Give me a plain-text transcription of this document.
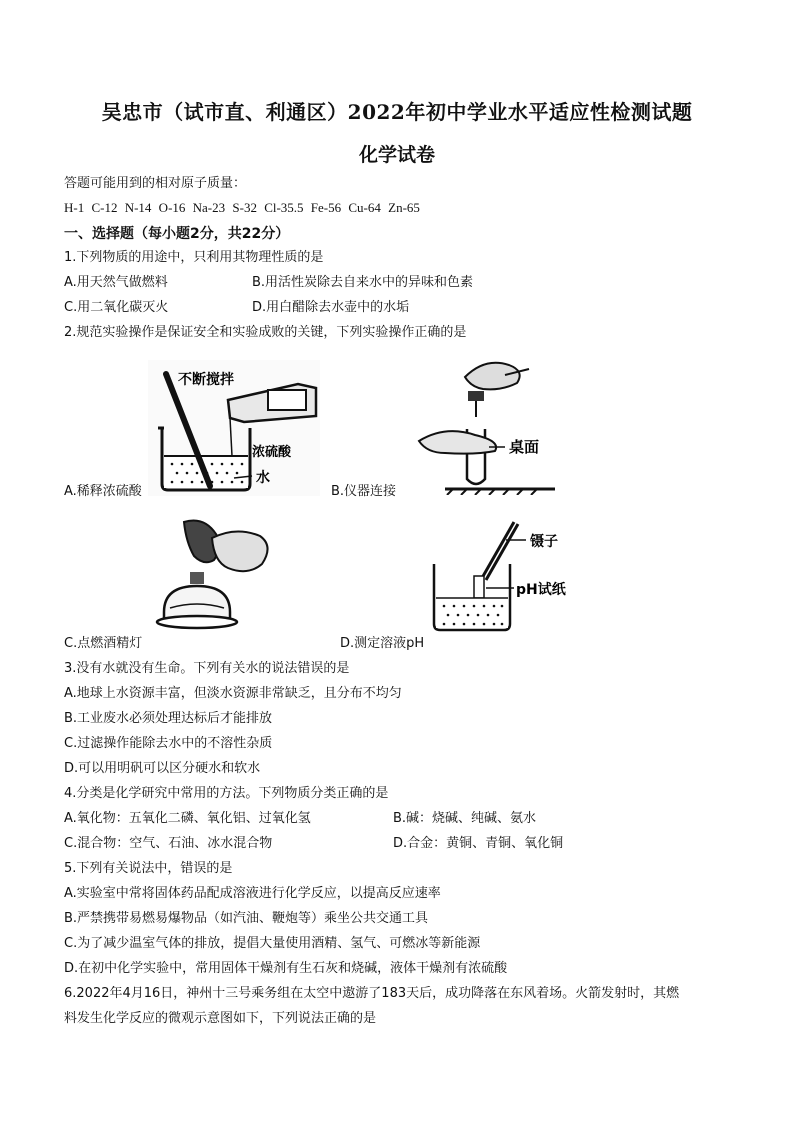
吴忠市（试市直、利通区）2022年初中学业水平适应性检测试题
化学试卷
答题可能用到的相对原子质量：
H-1 C-12 N-14 O-16 Na-23 S-32 Cl-35.5 Fe-56 Cu-64 Zn-65
一、选择题（每小题2分，共22分）
1.下列物质的用途中，只利用其物理性质的是
A.用天然气做燃料	B.用活性炭除去自来水中的异味和色素
C.用二氧化碳灭火	D.用白醋除去水壶中的水垢
2.规范实验操作是保证安全和实验成败的关键，下列实验操作正确的是
不断搅拌
浓硫酸
水
桌面
A.稀释浓硫酸	B.仪器连接
镊子
pH试纸
C.点燃酒精灯	D.测定溶液pH
3.没有水就没有生命。下列有关水的说法错误的是
A.地球上水资源丰富，但淡水资源非常缺乏，且分布不均匀
B.工业废水必须处理达标后才能排放
C.过滤操作能除去水中的不溶性杂质
D.可以用明矾可以区分硬水和软水
4.分类是化学研究中常用的方法。下列物质分类正确的是
A.氧化物：五氧化二磷、氧化铝、过氧化氢	B.碱：烧碱、纯碱、氨水
C.混合物：空气、石油、冰水混合物	D.合金：黄铜、青铜、氧化铜
5.下列有关说法中，错误的是
A.实验室中常将固体药品配成溶液进行化学反应，以提高反应速率
B.严禁携带易燃易爆物品（如汽油、鞭炮等）乘坐公共交通工具
C.为了减少温室气体的排放，提倡大量使用酒精、氢气、可燃冰等新能源
D.在初中化学实验中，常用固体干燥剂有生石灰和烧碱，液体干燥剂有浓硫酸
6.2022年4月16日，神州十三号乘务组在太空中遨游了183天后，成功降落在东风着场。火箭发射时，其燃
料发生化学反应的微观示意图如下，下列说法正确的是
